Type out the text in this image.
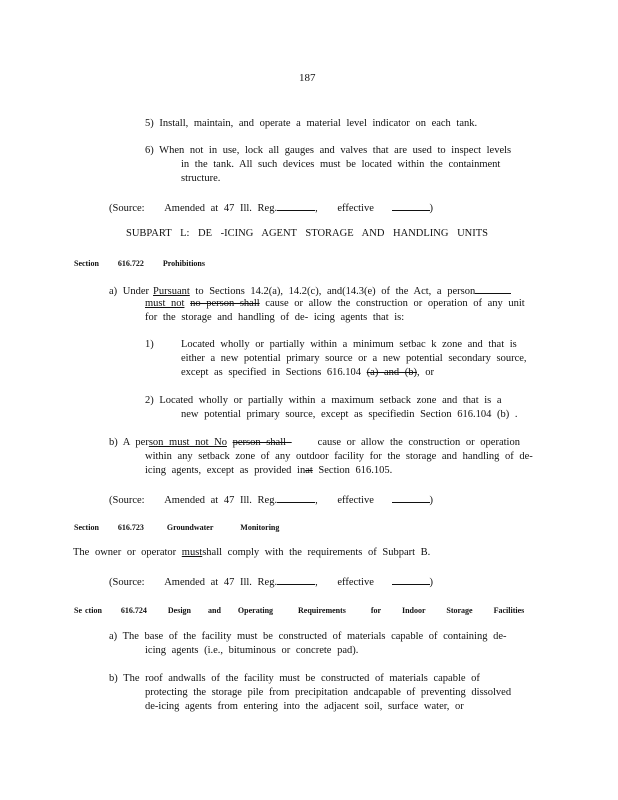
187
5) Install, maintain, and operate a material level indicator on each tank.
6) When not in use, lock all gauges and valves that are used to inspect levels
in the tank. All such devices must be located within the containment
structure.
(Source: Amended at 47 Ill. Reg.	, effective	)
SUBPART L: DE -ICING AGENT STORAGE AND HANDLING UNITS
Section 616.722 Prohibitions
a) Under Pursuant to Sections 14.2(a), 14.2(c), and(14.3(e) of the Act, a person
must not no person shall cause or allow the construction or operation of any unit
for the storage and handling of de- icing agents that is:
1)	Located wholly or partially within a minimum setbac k zone and that is
either a new potential primary source or a new potential secondary source,
except as specified in Sections 616.104 (a) and (b), or
2) Located wholly or partially within a maximum setback zone and that is a
new potential primary source, except as specifiedin Section 616.104 (b) .
b) A person must not No person shall  cause or allow the construction or operation
within any setback zone of any outdoor facility for the storage and handling of de-
icing agents, except as provided inat Section 616.105.
(Source: Amended at 47 Ill. Reg.	, effective	)
Section 616.723	Groundwater	Monitoring
The owner or operator mustshall comply with the requirements of Subpart B.
(Source: Amended at 47 Ill. Reg.	, effective	)
Se ction 616.724	Design and Operating	Requirements	for	Indoor	Storage	Facilities
a) The base of the facility must be constructed of materials capable of containing de-
icing agents (i.e., bituminous or concrete pad).
b) The roof andwalls of the facility must be constructed of materials capable of
protecting the storage pile from precipitation andcapable of preventing dissolved
de-icing agents from entering into the adjacent soil, surface water, or
